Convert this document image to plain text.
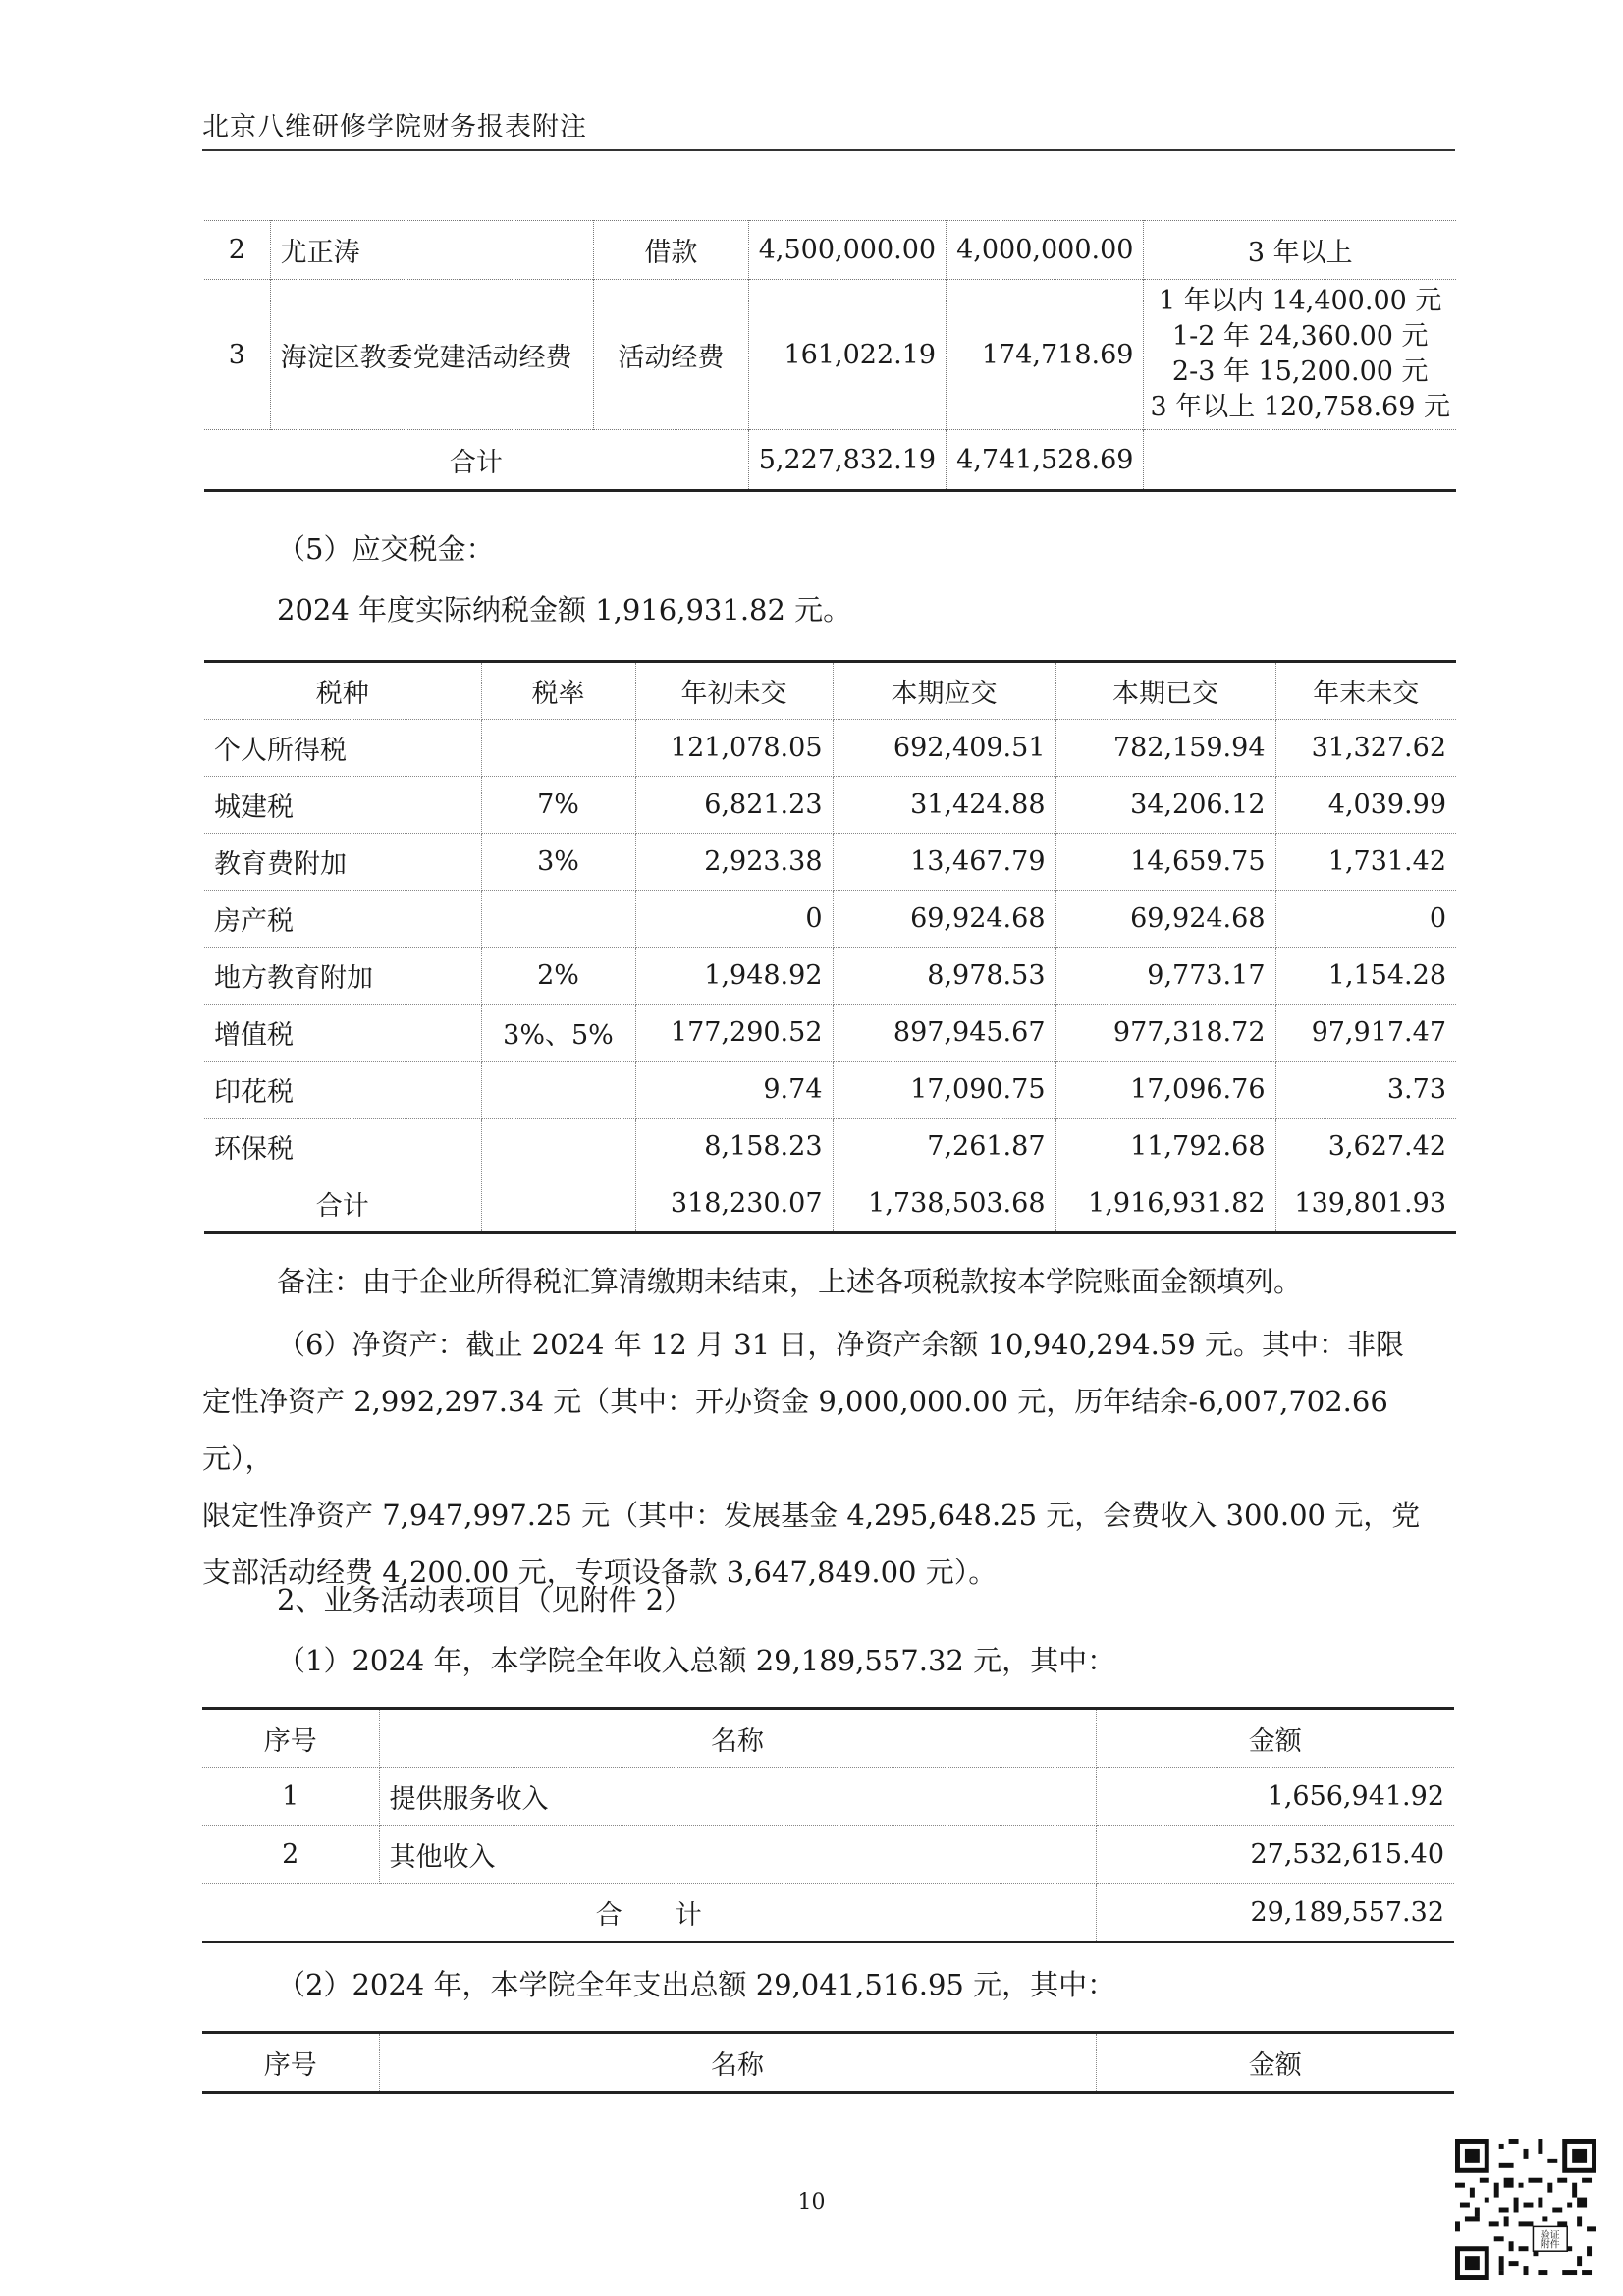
北京八维研修学院财务报表附注
2	尤正涛	借款	4,500,000.00	4,000,000.00	3 年以上
3	海淀区教委党建活动经费	活动经费	161,022.19	174,718.69	1 年以内 14,400.00 元
1-2 年 24,360.00 元
2-3 年 15,200.00 元
3 年以上 120,758.69 元

合计			5,227,832.19	4,741,528.69	
（5）应交税金：
2024 年度实际纳税金额 1,916,931.82 元。
税种	税率	年初未交	本期应交	本期已交	年末未交
个人所得税		121,078.05	692,409.51	782,159.94	31,327.62
城建税	7%	6,821.23	31,424.88	34,206.12	4,039.99
教育费附加	3%	2,923.38	13,467.79	14,659.75	1,731.42
房产税		0	69,924.68	69,924.68	0
地方教育附加	2%	1,948.92	8,978.53	9,773.17	1,154.28
增值税	3%、5%	177,290.52	897,945.67	977,318.72	97,917.47
印花税		9.74	17,090.75	17,096.76	3.73
环保税		8,158.23	7,261.87	11,792.68	3,627.42
合计		318,230.07	1,738,503.68	1,916,931.82	139,801.93
备注：由于企业所得税汇算清缴期未结束，上述各项税款按本学院账面金额填列。
（6）净资产：截止 2024 年 12 月 31 日，净资产余额 10,940,294.59 元。其中：非限
定性净资产 2,992,297.34 元（其中：开办资金 9,000,000.00 元，历年结余-6,007,702.66 元），
限定性净资产 7,947,997.25 元（其中：发展基金 4,295,648.25 元，会费收入 300.00 元，党
支部活动经费 4,200.00 元，专项设备款 3,647,849.00 元）。
2、业务活动表项目（见附件 2）
（1）2024 年，本学院全年收入总额 29,189,557.32 元，其中：
序号	名称	金额
1	提供服务收入	1,656,941.92
2	其他收入	27,532,615.40
合　　计		29,189,557.32
（2）2024 年，本学院全年支出总额 29,041,516.95 元，其中：
序号	名称	金额
10
验证
附件
